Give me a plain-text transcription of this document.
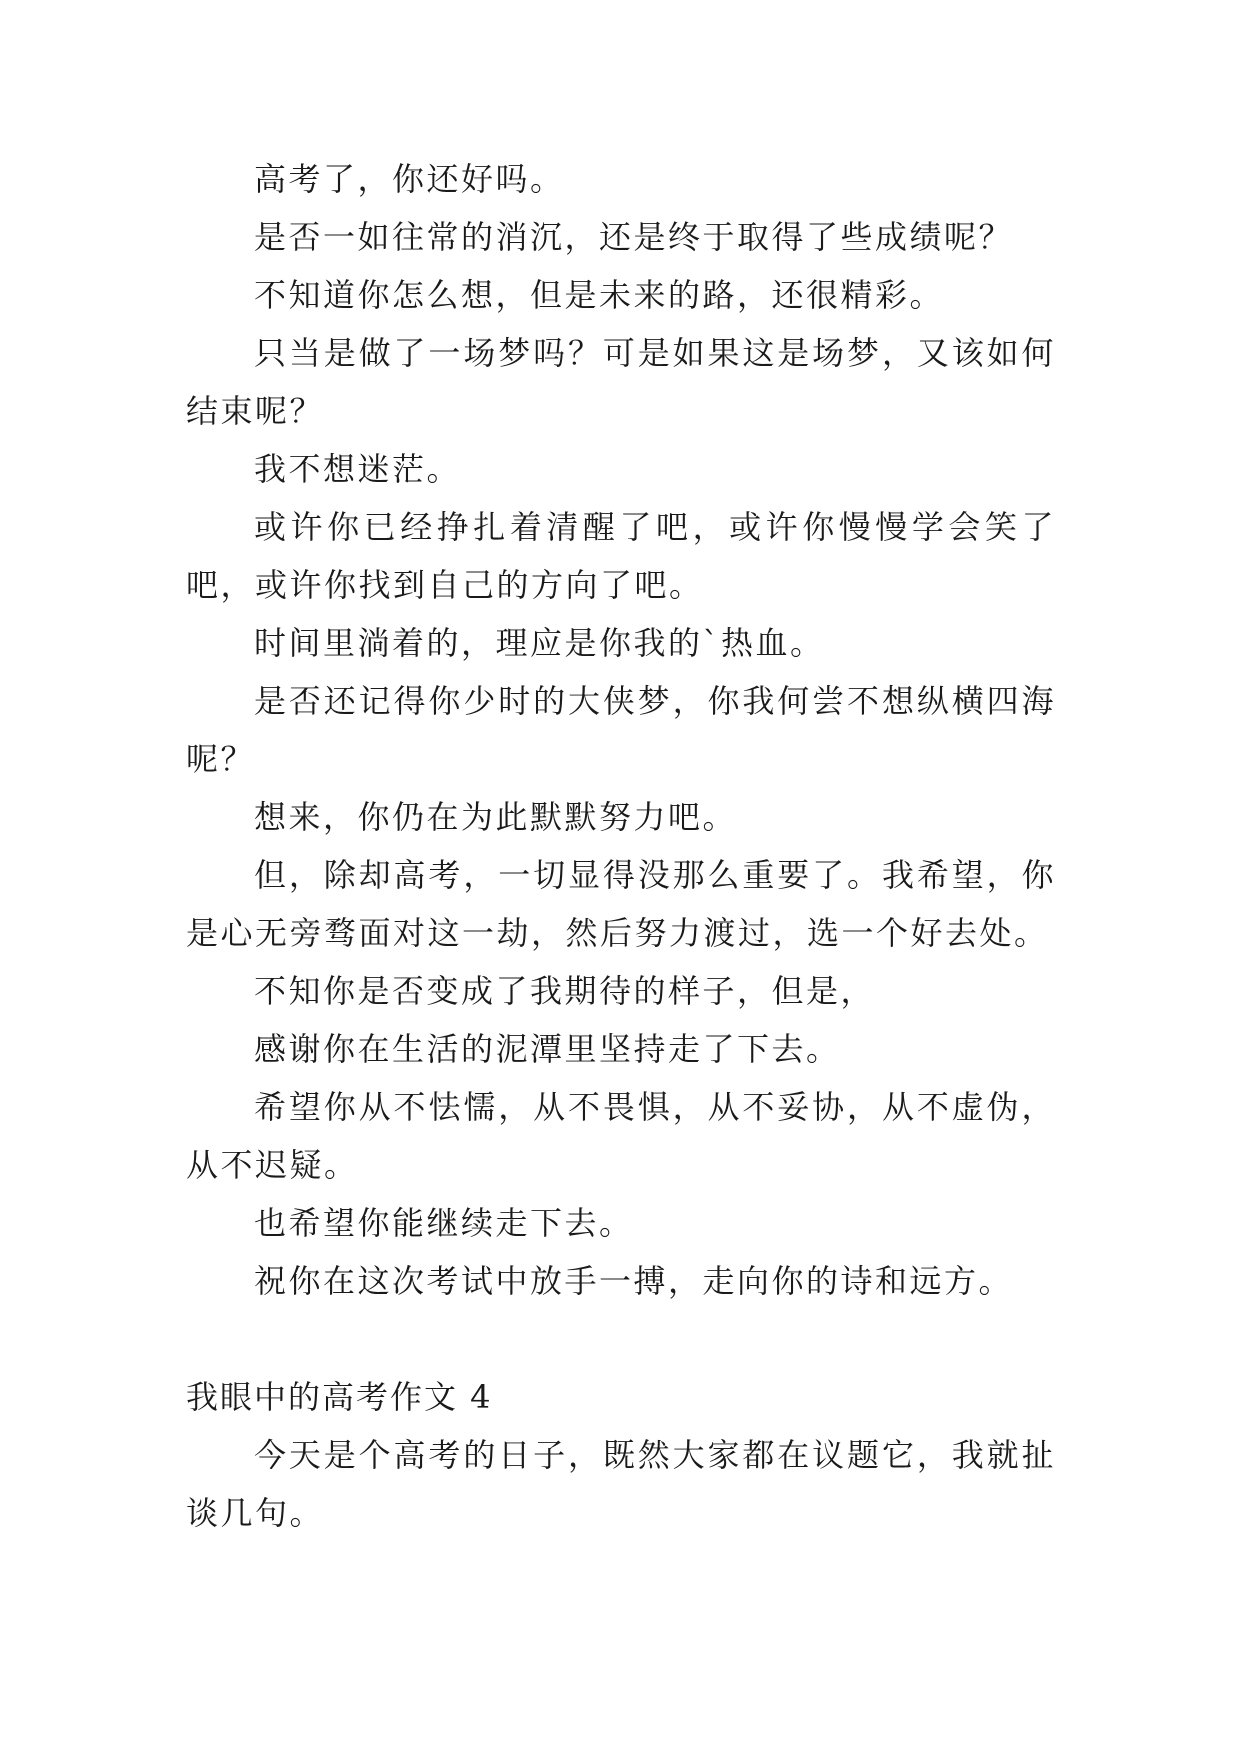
高考了，你还好吗。

是否一如往常的消沉，还是终于取得了些成绩呢？

不知道你怎么想，但是未来的路，还很精彩。

只当是做了一场梦吗？可是如果这是场梦，又该如何结束呢？

我不想迷茫。

或许你已经挣扎着清醒了吧，或许你慢慢学会笑了吧，或许你找到自己的方向了吧。

时间里淌着的，理应是你我的`热血。

是否还记得你少时的大侠梦，你我何尝不想纵横四海呢？

想来，你仍在为此默默努力吧。

但，除却高考，一切显得没那么重要了。我希望，你是心无旁骛面对这一劫，然后努力渡过，选一个好去处。

不知你是否变成了我期待的样子，但是，

感谢你在生活的泥潭里坚持走了下去。

希望你从不怯懦，从不畏惧，从不妥协，从不虚伪，从不迟疑。

也希望你能继续走下去。

祝你在这次考试中放手一搏，走向你的诗和远方。

我眼中的高考作文 4

今天是个高考的日子，既然大家都在议题它，我就扯谈几句。
